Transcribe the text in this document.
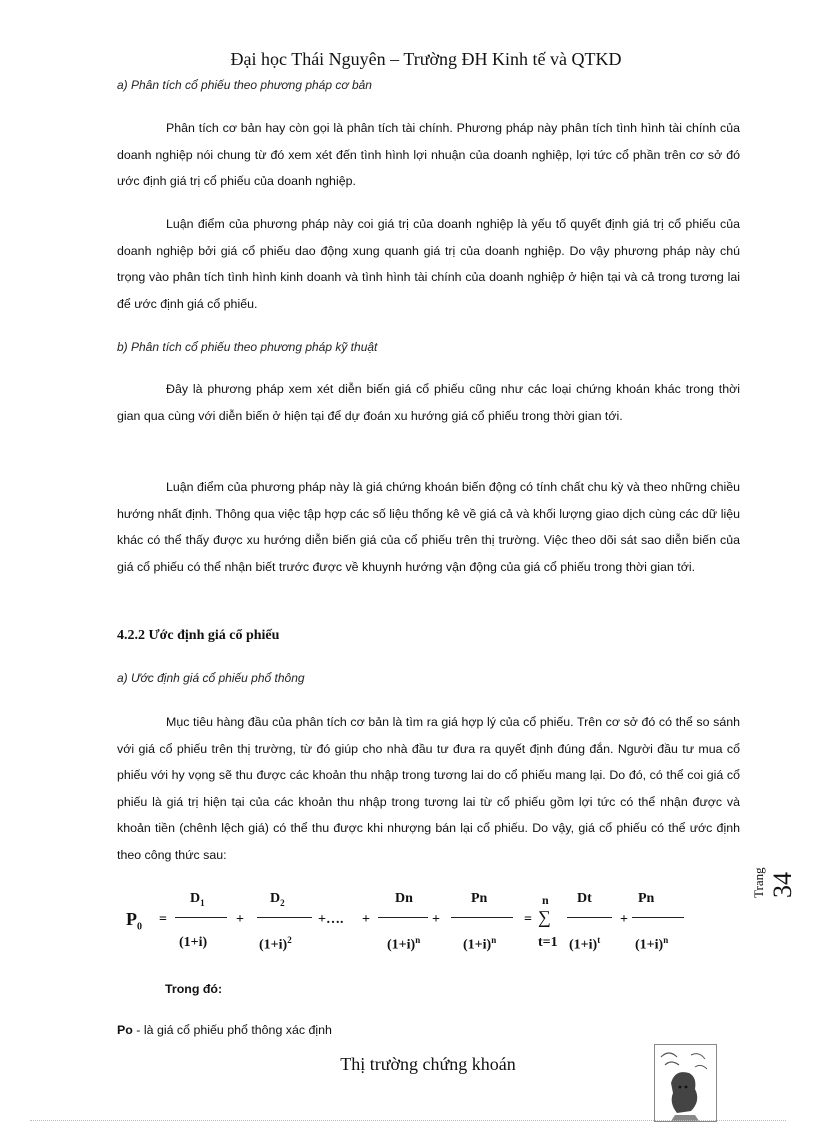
Đại học Thái Nguyên – Trường ĐH Kinh tế và QTKD
a) Phân tích cổ phiếu theo phương pháp cơ bản

Phân tích cơ bản hay còn gọi là phân tích tài chính. Phương pháp này phân tích tình hình tài chính của doanh nghiệp nói chung từ đó xem xét đến tình hình lợi nhuận của doanh nghiệp, lợi tức cổ phần trên cơ sở đó ước định giá trị cổ phiếu của doanh nghiệp.

Luận điểm của phương pháp này coi giá trị của doanh nghiệp là yếu tố quyết định giá trị cổ phiếu của doanh nghiệp bởi giá cổ phiếu dao động xung quanh giá trị của doanh nghiệp. Do vậy phương pháp này chú trọng vào phân tích tình hình kinh doanh và tình hình tài chính của doanh nghiệp ở hiện tại và cả trong tương lai để ước định giá cổ phiếu.

b) Phân tích cổ phiếu theo phương pháp kỹ thuật

Đây là phương pháp xem xét diễn biến giá cổ phiếu cũng như các loại chứng khoán khác trong thời gian qua cùng với diễn biến ở hiện tại để dự đoán xu hướng giá cổ phiếu trong thời gian tới.

Luận điểm của phương pháp này là giá chứng khoán biến động có tính chất chu kỳ và theo những chiều hướng nhất định. Thông qua việc tập hợp các số liệu thống kê về giá cả và khối lượng giao dịch cùng các dữ liệu khác có thể thấy được xu hướng diễn biến giá của cổ phiếu trên thị trường. Việc theo dõi sát sao diễn biến của giá cổ phiếu có thể nhận biết trước được về khuynh hướng vận động của giá cổ phiếu trong thời gian tới.

4.2.2 Ước định giá cổ phiếu
a) Ước định giá cổ phiếu phổ thông

Mục tiêu hàng đầu của phân tích cơ bản là tìm ra giá hợp lý của cổ phiếu. Trên cơ sở đó có thể so sánh với giá cổ phiếu trên thị trường, từ đó giúp cho nhà đầu tư đưa ra quyết định đúng đắn. Người đầu tư mua cổ phiếu với hy vọng sẽ thu được các khoản thu nhập trong tương lai do cổ phiếu mang lại. Do đó, có thể coi giá cổ phiếu là giá trị hiện tại của các khoản thu nhập trong tương lai từ cổ phiếu gồm lợi tức có thể nhận được và khoản tiền (chênh lệch giá) có thể thu được khi nhượng bán lại cổ phiếu. Do vậy, giá cổ phiếu có thể ước định theo công thức sau:

Trang 34
$P_0$
=
$D_1$
(1+i)
+
$D_2$
$(1+i)^2$
+…. +
Dn
$(1+i)^n$
+
Pn
$(1+i)^n$
=
n
∑
t=1
Dt
$(1+i)^t$
+
Pn
$(1+i)^n$
Trong đó:
Po - là giá cổ phiếu phổ thông xác định
Thị trường chứng khoán
